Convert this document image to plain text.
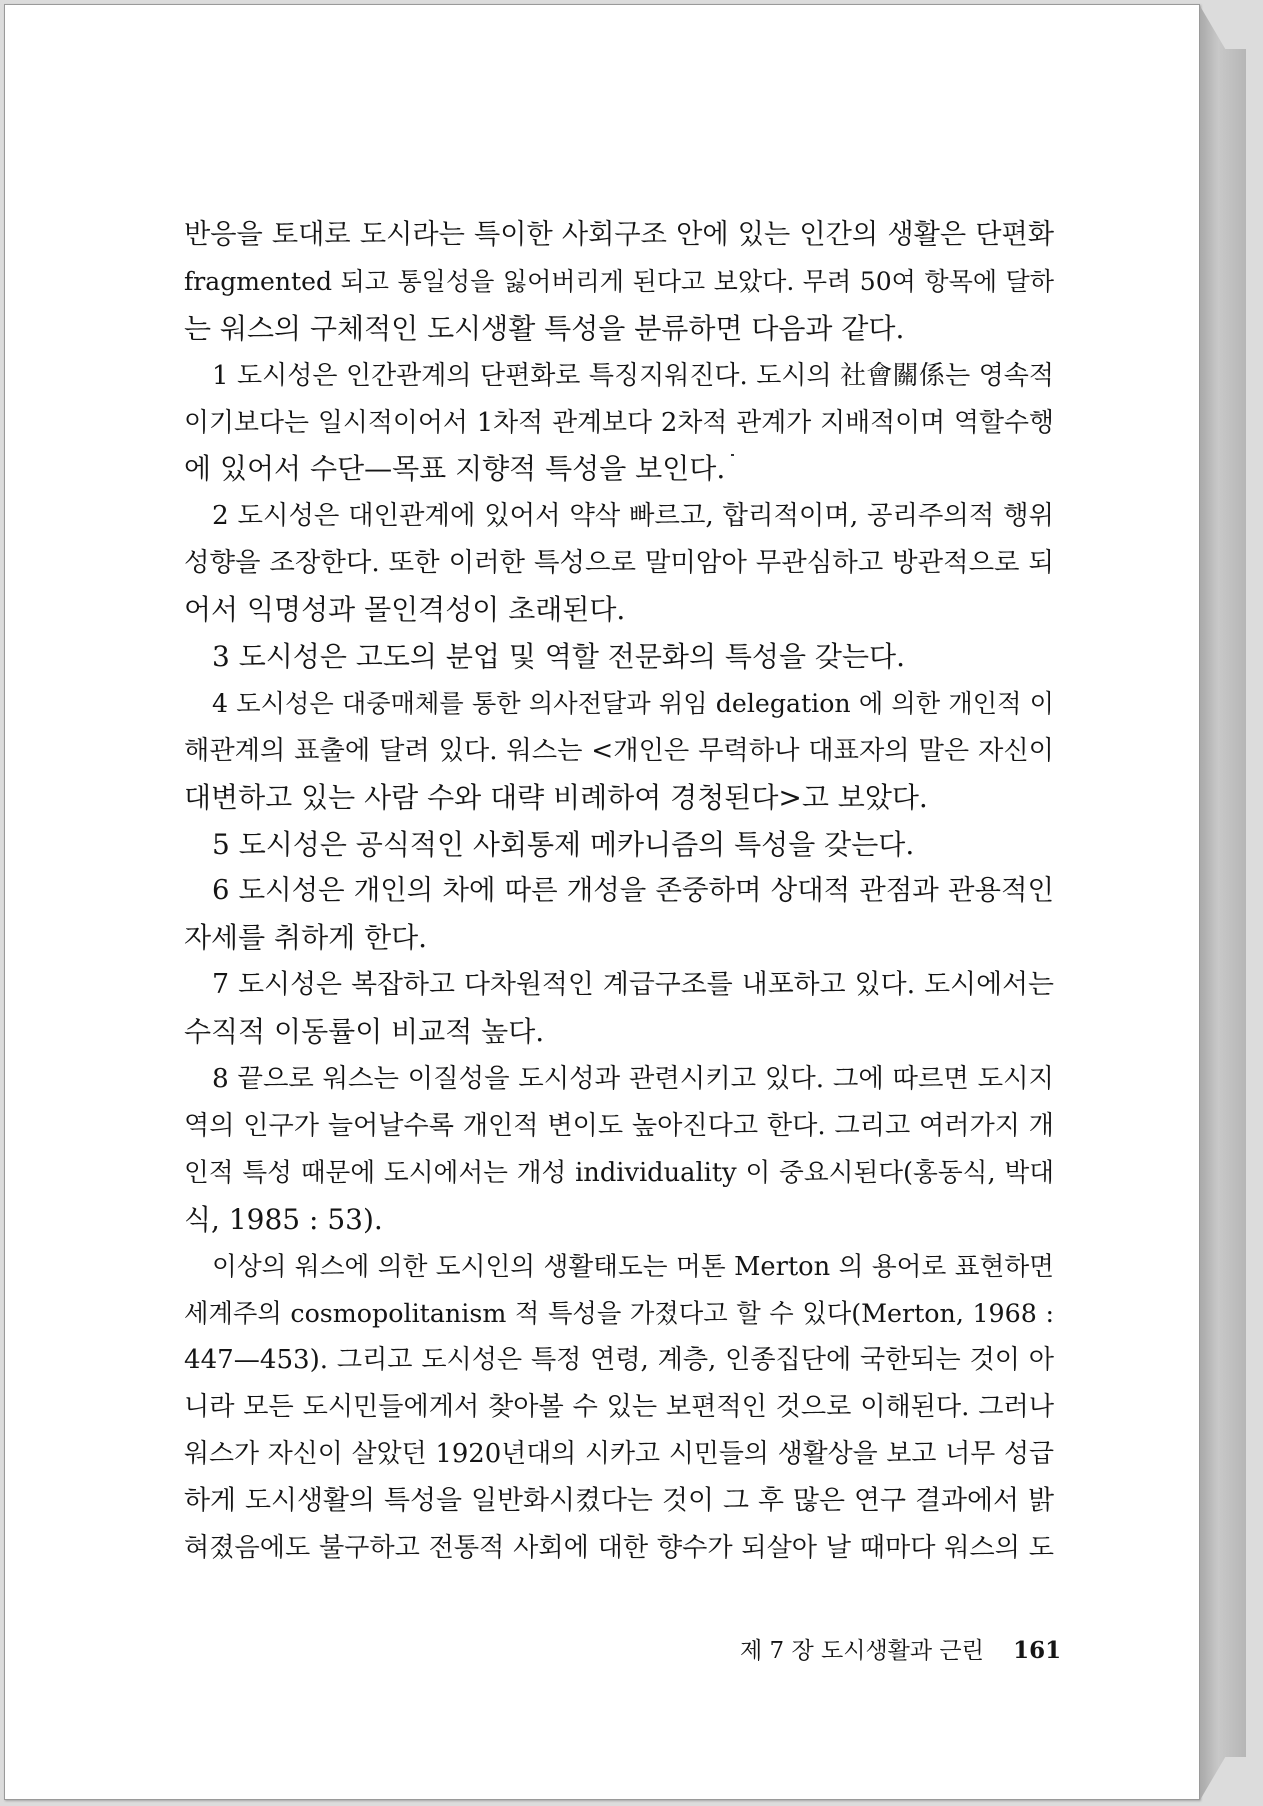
반응을 토대로 도시라는 특이한 사회구조 안에 있는 인간의 생활은 단편화
fragmented 되고 통일성을 잃어버리게 된다고 보았다. 무려 50여 항목에 달하
는 워스의 구체적인 도시생활 특성을 분류하면 다음과 같다.
1 도시성은 인간관계의 단편화로 특징지워진다. 도시의 社會關係는 영속적
이기보다는 일시적이어서 1차적 관계보다 2차적 관계가 지배적이며 역할수행
에 있어서 수단—목표 지향적 특성을 보인다.
2 도시성은 대인관계에 있어서 약삭 빠르고, 합리적이며, 공리주의적 행위
성향을 조장한다. 또한 이러한 특성으로 말미암아 무관심하고 방관적으로 되
어서 익명성과 몰인격성이 초래된다.
3 도시성은 고도의 분업 및 역할 전문화의 특성을 갖는다.
4 도시성은 대중매체를 통한 의사전달과 위임 delegation 에 의한 개인적 이
해관계의 표출에 달려 있다. 워스는 <개인은 무력하나 대표자의 말은 자신이
대변하고 있는 사람 수와 대략 비례하여 경청된다>고 보았다.
5 도시성은 공식적인 사회통제 메카니즘의 특성을 갖는다.
6 도시성은 개인의 차에 따른 개성을 존중하며 상대적 관점과 관용적인
자세를 취하게 한다.
7 도시성은 복잡하고 다차원적인 계급구조를 내포하고 있다. 도시에서는
수직적 이동률이 비교적 높다.
8 끝으로 워스는 이질성을 도시성과 관련시키고 있다. 그에 따르면 도시지
역의 인구가 늘어날수록 개인적 변이도 높아진다고 한다. 그리고 여러가지 개
인적 특성 때문에 도시에서는 개성 individuality 이 중요시된다(홍동식, 박대
식, 1985 : 53).
이상의 워스에 의한 도시인의 생활태도는 머톤 Merton 의 용어로 표현하면
세계주의 cosmopolitanism 적 특성을 가졌다고 할 수 있다(Merton, 1968 :
447—453). 그리고 도시성은 특정 연령, 계층, 인종집단에 국한되는 것이 아
니라 모든 도시민들에게서 찾아볼 수 있는 보편적인 것으로 이해된다. 그러나
워스가 자신이 살았던 1920년대의 시카고 시민들의 생활상을 보고 너무 성급
하게 도시생활의 특성을 일반화시켰다는 것이 그 후 많은 연구 결과에서 밝
혀졌음에도 불구하고 전통적 사회에 대한 향수가 되살아 날 때마다 워스의 도
제 7 장 도시생활과 근린 161
